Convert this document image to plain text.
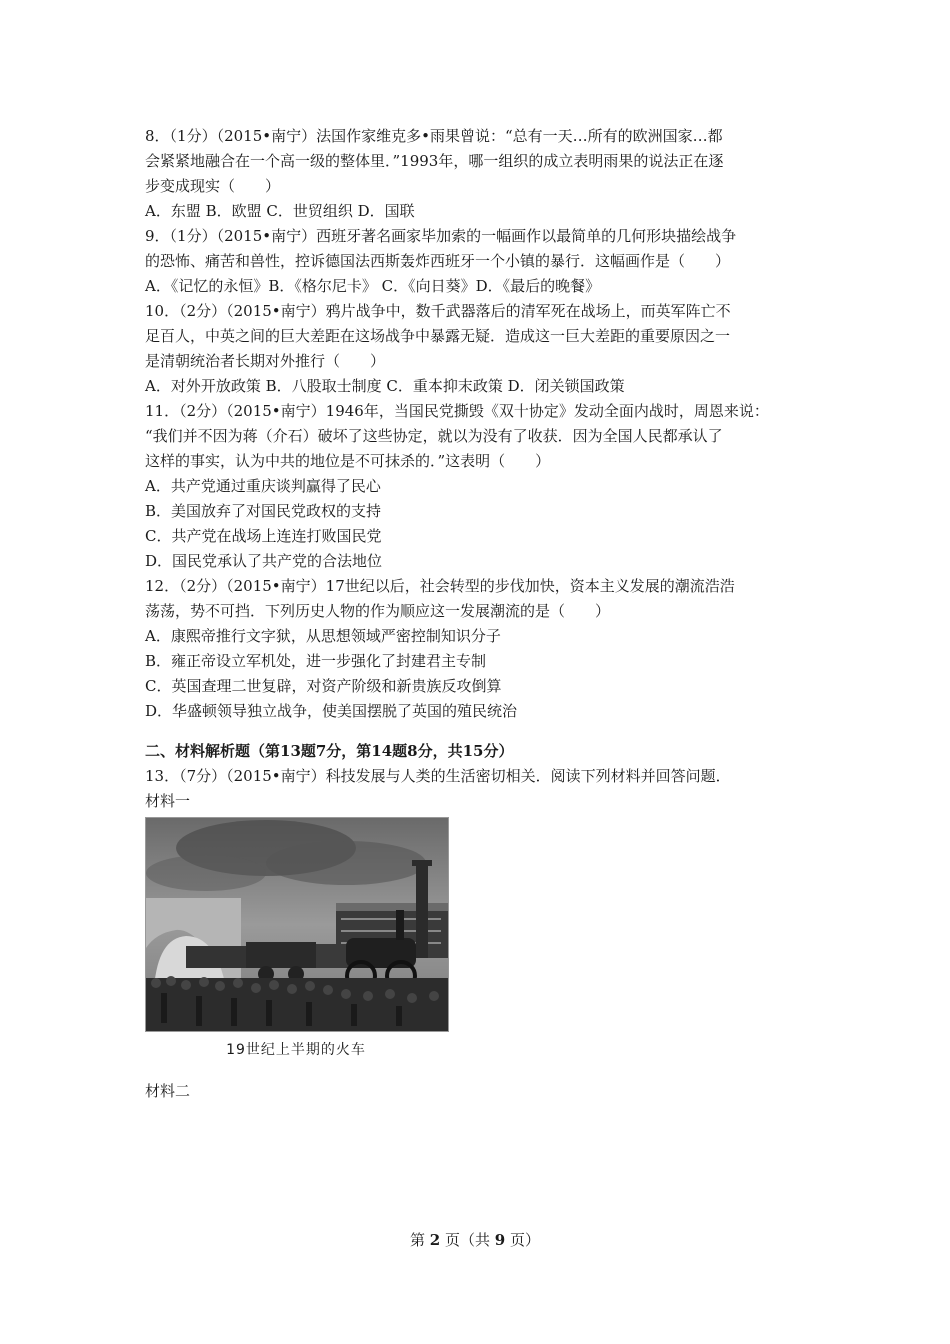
8．（1分）（2015•南宁）法国作家维克多•雨果曾说：“总有一天…所有的欧洲国家…都
会紧紧地融合在一个高一级的整体里．”1993年，哪一组织的成立表明雨果的说法正在逐
步变成现实（　　）
A．东盟 B．欧盟 C．世贸组织 D．国联
9．（1分）（2015•南宁）西班牙著名画家毕加索的一幅画作以最简单的几何形块描绘战争
的恐怖、痛苦和兽性，控诉德国法西斯轰炸西班牙一个小镇的暴行．这幅画作是（　　）
A．《记忆的永恒》B．《格尔尼卡》 C．《向日葵》D．《最后的晚餐》
10．（2分）（2015•南宁）鸦片战争中，数千武器落后的清军死在战场上，而英军阵亡不
足百人，中英之间的巨大差距在这场战争中暴露无疑．造成这一巨大差距的重要原因之一
是清朝统治者长期对外推行（　　）
A．对外开放政策 B．八股取士制度 C．重本抑末政策 D．闭关锁国政策
11．（2分）（2015•南宁）1946年，当国民党撕毁《双十协定》发动全面内战时，周恩来说：
“我们并不因为蒋（介石）破坏了这些协定，就以为没有了收获．因为全国人民都承认了
这样的事实，认为中共的地位是不可抹杀的．”这表明（　　）
A．共产党通过重庆谈判赢得了民心
B．美国放弃了对国民党政权的支持
C．共产党在战场上连连打败国民党
D．国民党承认了共产党的合法地位
12．（2分）（2015•南宁）17世纪以后，社会转型的步伐加快，资本主义发展的潮流浩浩
荡荡，势不可挡．下列历史人物的作为顺应这一发展潮流的是（　　）
A．康熙帝推行文字狱，从思想领域严密控制知识分子
B．雍正帝设立军机处，进一步强化了封建君主专制
C．英国查理二世复辟，对资产阶级和新贵族反攻倒算
D．华盛顿领导独立战争，使美国摆脱了英国的殖民统治
二、材料解析题（第13题7分，第14题8分，共15分）
13．（7分）（2015•南宁）科技发展与人类的生活密切相关．阅读下列材料并回答问题．
材料一
19世纪上半期的火车
材料二
第 2 页（共 9 页）
